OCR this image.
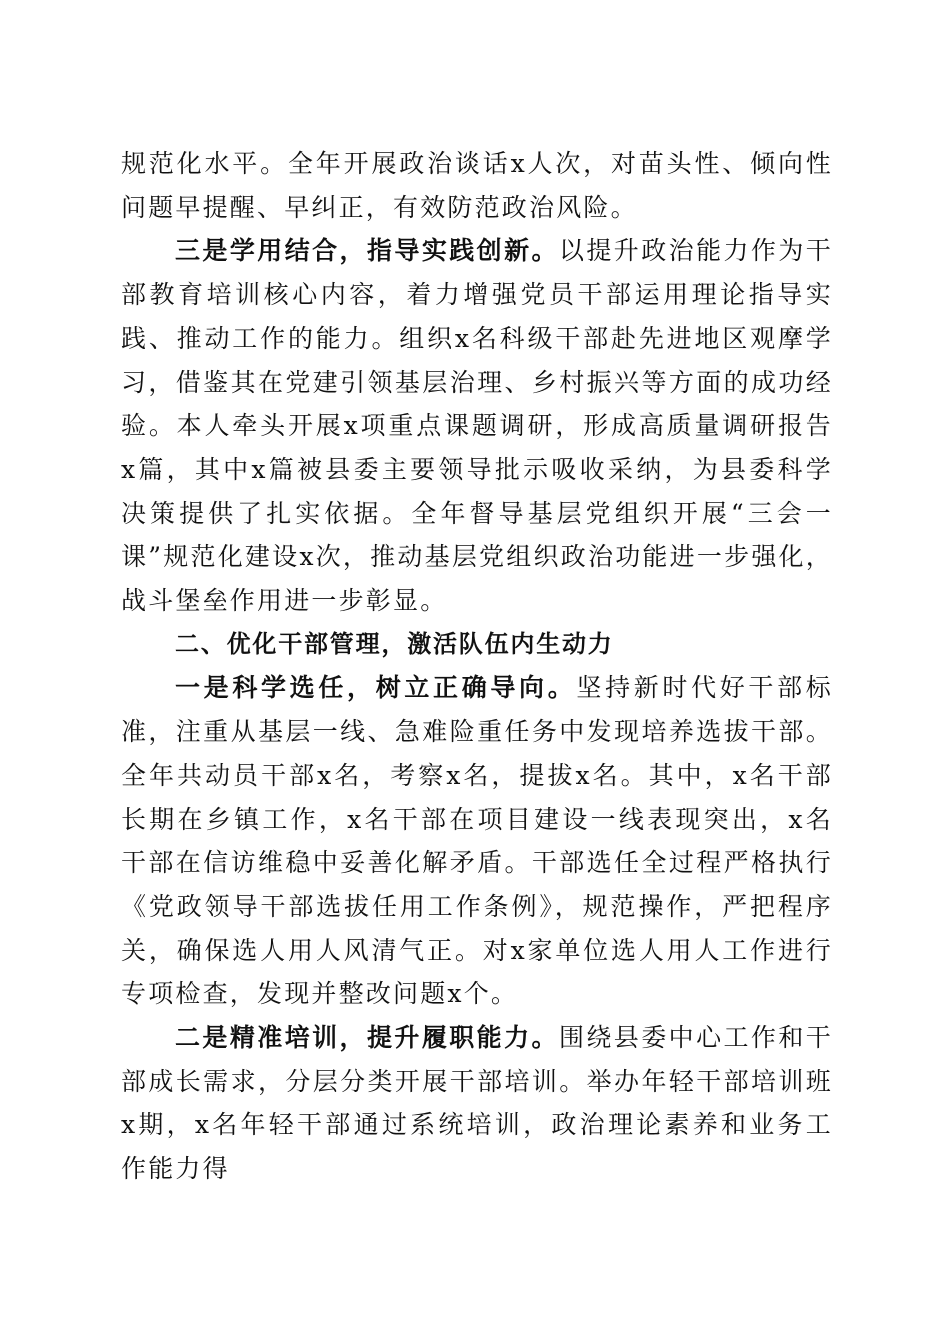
规范化水平。全年开展政治谈话x人次，对苗头性、倾向性问题早提醒、早纠正，有效防范政治风险。

三是学用结合，指导实践创新。以提升政治能力作为干部教育培训核心内容，着力增强党员干部运用理论指导实践、推动工作的能力。组织x名科级干部赴先进地区观摩学习，借鉴其在党建引领基层治理、乡村振兴等方面的成功经验。本人牵头开展x项重点课题调研，形成高质量调研报告x篇，其中x篇被县委主要领导批示吸收采纳，为县委科学决策提供了扎实依据。全年督导基层党组织开展“三会一课”规范化建设x次，推动基层党组织政治功能进一步强化，战斗堡垒作用进一步彰显。

二、优化干部管理，激活队伍内生动力

一是科学选任，树立正确导向。坚持新时代好干部标准，注重从基层一线、急难险重任务中发现培养选拔干部。全年共动员干部x名，考察x名，提拔x名。其中，x名干部长期在乡镇工作，x名干部在项目建设一线表现突出，x名干部在信访维稳中妥善化解矛盾。干部选任全过程严格执行《党政领导干部选拔任用工作条例》，规范操作，严把程序关，确保选人用人风清气正。对x家单位选人用人工作进行专项检查，发现并整改问题x个。

二是精准培训，提升履职能力。围绕县委中心工作和干部成长需求，分层分类开展干部培训。举办年轻干部培训班x期，x名年轻干部通过系统培训，政治理论素养和业务工作能力得
